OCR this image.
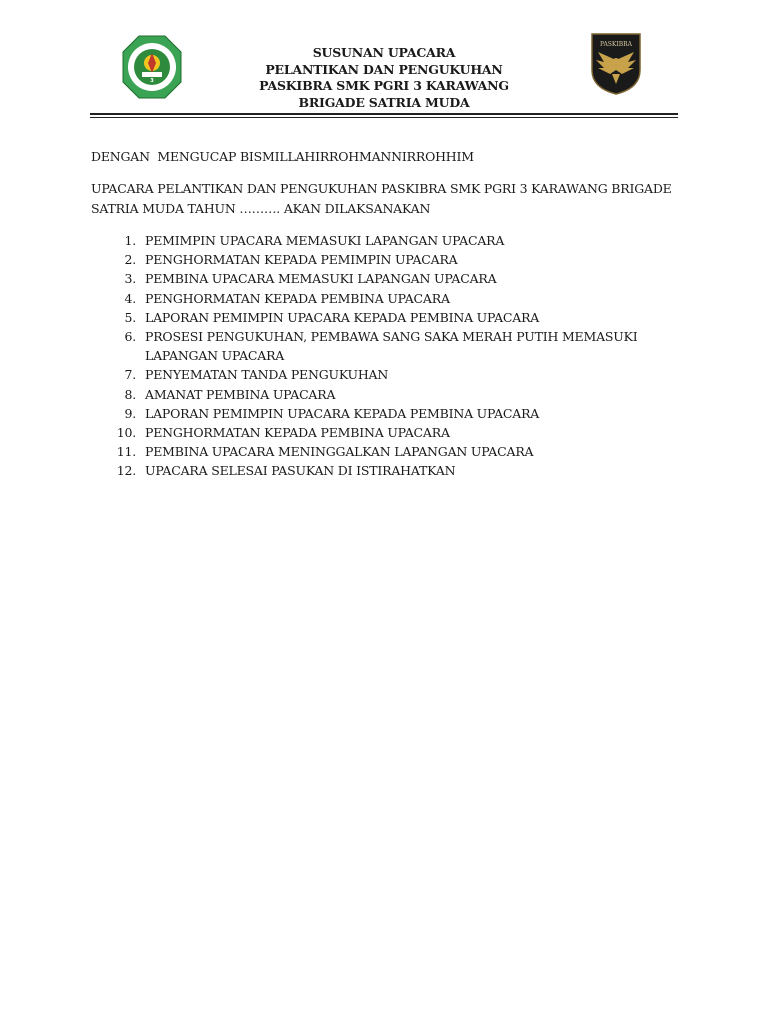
3
SUSUNAN UPACARA
PELANTIKAN DAN PENGUKUHAN
PASKIBRA SMK PGRI 3 KARAWANG
BRIGADE SATRIA MUDA
PASKIBRA
DENGAN  MENGUCAP BISMILLAHIRROHMANNIRROHHIM
UPACARA PELANTIKAN DAN PENGUKUHAN PASKIBRA SMK PGRI 3 KARAWANG BRIGADE SATRIA MUDA TAHUN ………. AKAN DILAKSANAKAN
1. PEMIMPIN UPACARA MEMASUKI LAPANGAN UPACARA
2. PENGHORMATAN KEPADA PEMIMPIN UPACARA
3. PEMBINA UPACARA MEMASUKI LAPANGAN UPACARA
4. PENGHORMATAN KEPADA PEMBINA UPACARA
5. LAPORAN PEMIMPIN UPACARA KEPADA PEMBINA UPACARA
6. PROSESI PENGUKUHAN, PEMBAWA SANG SAKA MERAH PUTIH MEMASUKI LAPANGAN UPACARA
7. PENYEMATAN TANDA PENGUKUHAN
8. AMANAT PEMBINA UPACARA
9. LAPORAN PEMIMPIN UPACARA KEPADA PEMBINA UPACARA
10. PENGHORMATAN KEPADA PEMBINA UPACARA
11. PEMBINA UPACARA MENINGGALKAN LAPANGAN UPACARA
12. UPACARA SELESAI PASUKAN DI ISTIRAHATKAN
